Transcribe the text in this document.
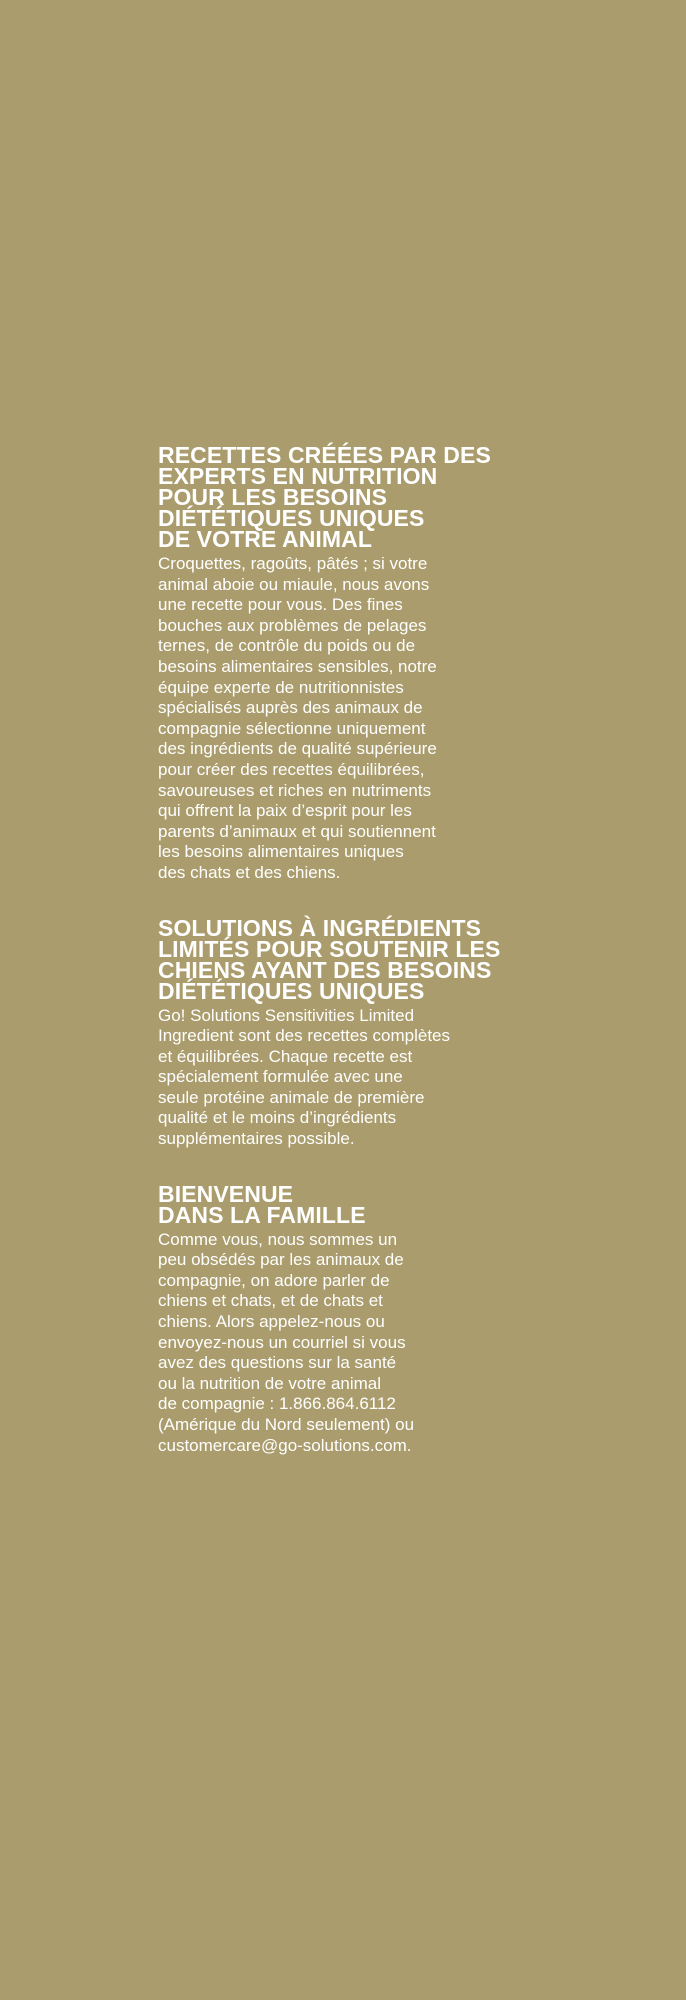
RECETTES CRÉÉES PAR DES
EXPERTS EN NUTRITION
POUR LES BESOINS
DIÉTÉTIQUES UNIQUES
DE VOTRE ANIMAL

Croquettes, ragoûts, pâtés ; si votre
animal aboie ou miaule, nous avons
une recette pour vous. Des fines
bouches aux problèmes de pelages
ternes, de contrôle du poids ou de
besoins alimentaires sensibles, notre
équipe experte de nutritionnistes
spécialisés auprès des animaux de
compagnie sélectionne uniquement
des ingrédients de qualité supérieure
pour créer des recettes équilibrées,
savoureuses et riches en nutriments
qui offrent la paix d’esprit pour les
parents d’animaux et qui soutiennent
les besoins alimentaires uniques
des chats et des chiens.

SOLUTIONS À INGRÉDIENTS
LIMITÉS POUR SOUTENIR LES
CHIENS AYANT DES BESOINS
DIÉTÉTIQUES UNIQUES

Go! Solutions Sensitivities Limited
Ingredient sont des recettes complètes
et équilibrées. Chaque recette est
spécialement formulée avec une
seule protéine animale de première
qualité et le moins d’ingrédients
supplémentaires possible.

BIENVENUE
DANS LA FAMILLE

Comme vous, nous sommes un
peu obsédés par les animaux de
compagnie, on adore parler de
chiens et chats, et de chats et
chiens. Alors appelez-nous ou
envoyez-nous un courriel si vous
avez des questions sur la santé
ou la nutrition de votre animal
de compagnie : 1.866.864.6112
(Amérique du Nord seulement) ou
customercare@go-solutions.com.
